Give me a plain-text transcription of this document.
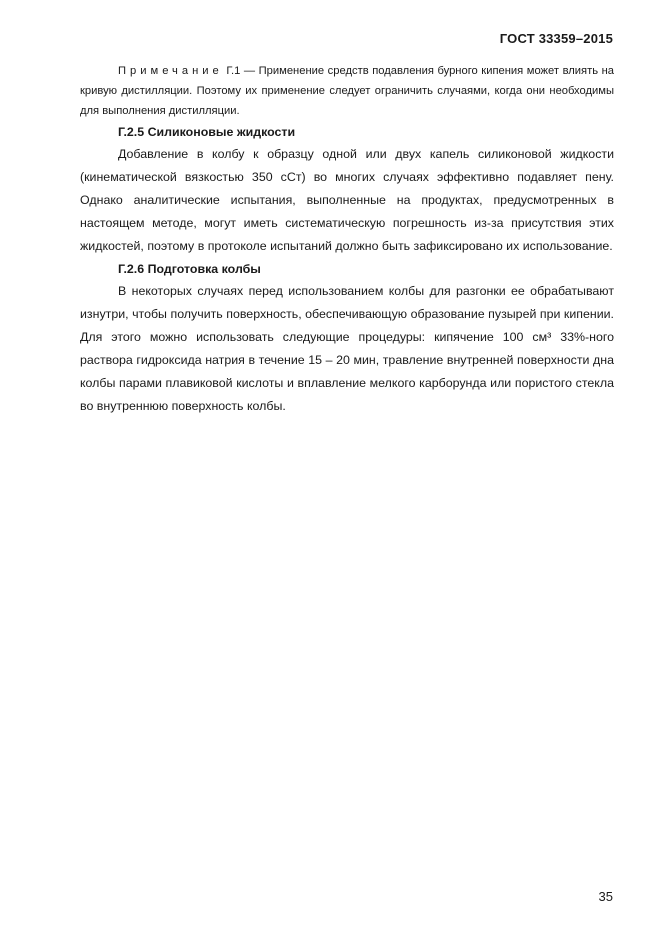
ГОСТ 33359–2015

Примечание Г.1 — Применение средств подавления бурного кипения может влиять на кривую дистилляции. Поэтому их применение следует ограничить случаями, когда они необходимы для выполнения дистилляции.

Г.2.5 Силиконовые жидкости

Добавление в колбу к образцу одной или двух капель силиконовой жидкости (кинематической вязкостью 350 сСт) во многих случаях эффективно подавляет пену. Однако аналитические испытания, выполненные на продуктах, предусмотренных в настоящем методе, могут иметь систематическую погрешность из-за присутствия этих жидкостей, поэтому в протоколе испытаний должно быть зафиксировано их использование.

Г.2.6 Подготовка колбы

В некоторых случаях перед использованием колбы для разгонки ее обрабатывают изнутри, чтобы получить поверхность, обеспечивающую образование пузырей при кипении. Для этого можно использовать следующие процедуры: кипячение 100 см³ 33%-ного раствора гидроксида натрия в течение 15 – 20 мин, травление внутренней поверхности дна колбы парами плавиковой кислоты и вплавление мелкого карборунда или пористого стекла во внутреннюю поверхность колбы.

35
